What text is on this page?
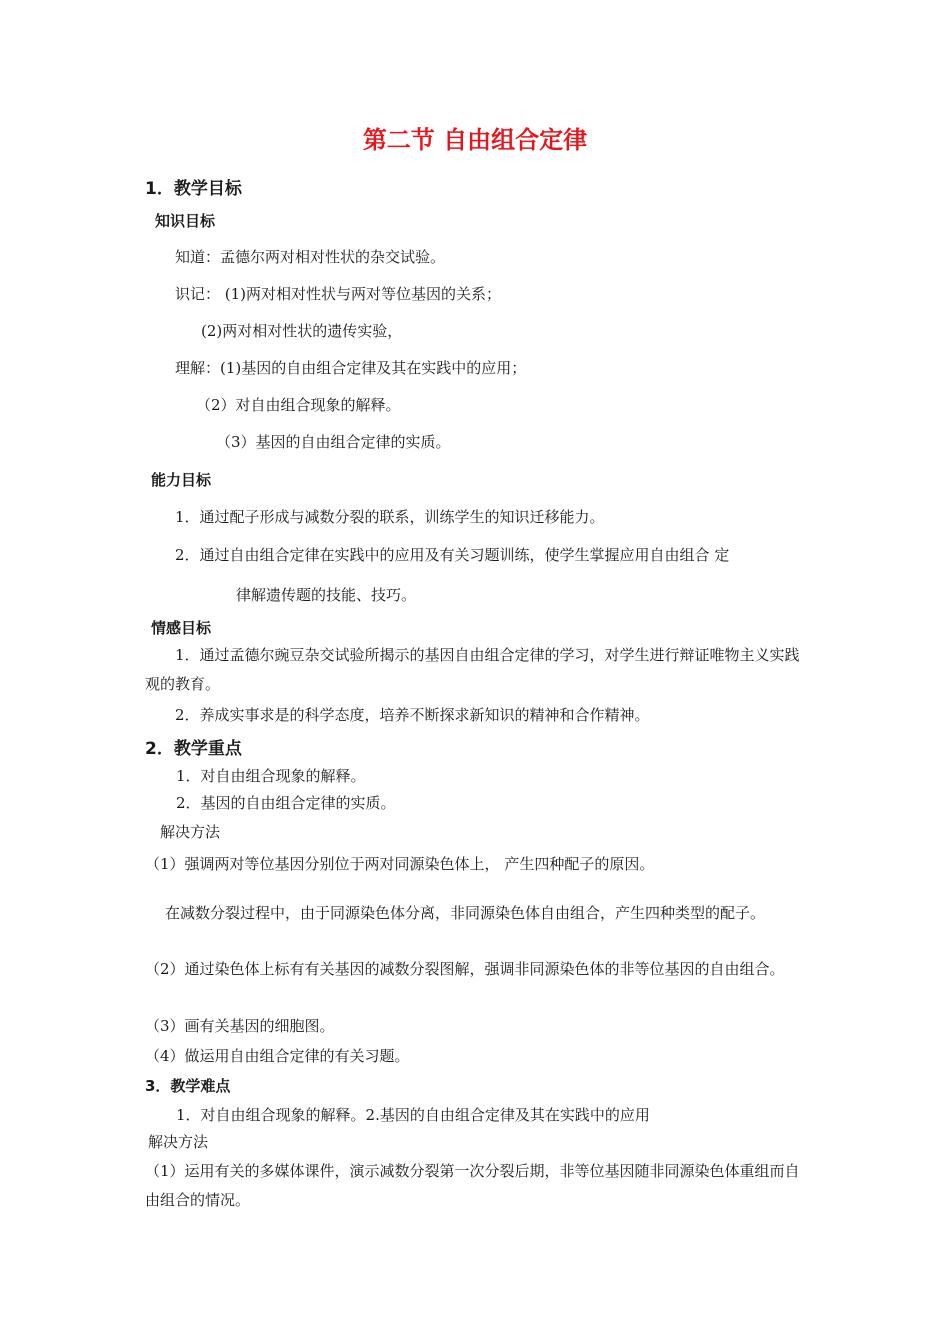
第二节 自由组合定律
1．教学目标
知识目标
知道：孟德尔两对相对性状的杂交试验。
识记： (1)两对相对性状与两对等位基因的关系；
(2)两对相对性状的遗传实验，
理解：(1)基因的自由组合定律及其在实践中的应用；
（2）对自由组合现象的解释。
（3）基因的自由组合定律的实质。
能力目标
1．通过配子形成与减数分裂的联系，训练学生的知识迁移能力。
2．通过自由组合定律在实践中的应用及有关习题训练，使学生掌握应用自由组合 定
律解遗传题的技能、技巧。
情感目标
1．通过孟德尔豌豆杂交试验所揭示的基因自由组合定律的学习，对学生进行辩证唯物主义实践观的教育。
2．养成实事求是的科学态度，培养不断探求新知识的精神和合作精神。
2．教学重点
1．对自由组合现象的解释。
2．基因的自由组合定律的实质。
解决方法
（1）强调两对等位基因分别位于两对同源染色体上， 产生四种配子的原因。
在减数分裂过程中，由于同源染色体分离，非同源染色体自由组合，产生四种类型的配子。
（2）通过染色体上标有有关基因的减数分裂图解，强调非同源染色体的非等位基因的自由组合。
（3）画有关基因的细胞图。
（4）做运用自由组合定律的有关习题。
3．教学难点
1．对自由组合现象的解释。2.基因的自由组合定律及其在实践中的应用
解决方法
（1）运用有关的多媒体课件，演示减数分裂第一次分裂后期，非等位基因随非同源染色体重组而自由组合的情况。
